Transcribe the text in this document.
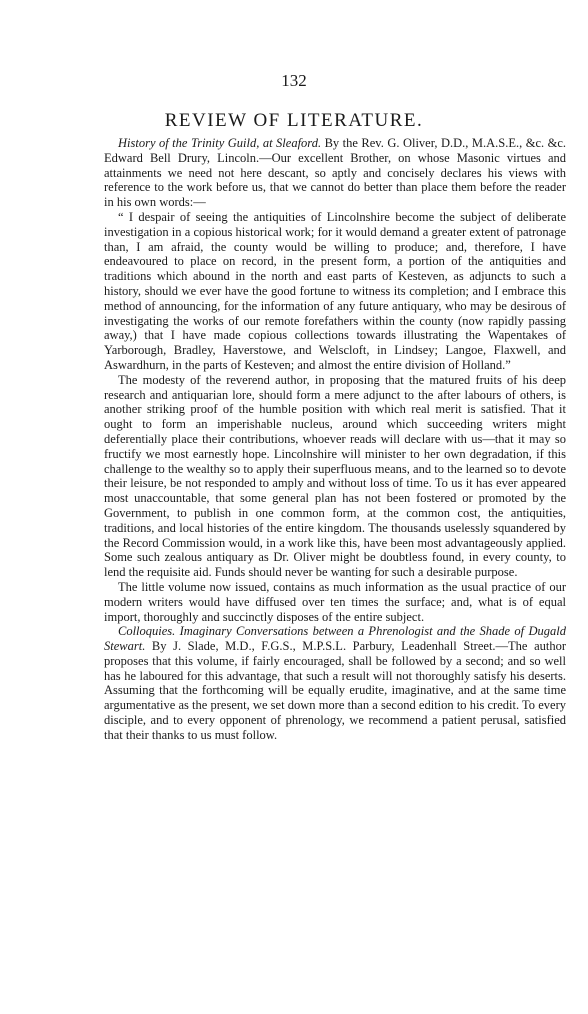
132
REVIEW OF LITERATURE.

History of the Trinity Guild, at Sleaford. By the Rev. G. Oliver, D.D., M.A.S.E., &c. &c. Edward Bell Drury, Lincoln.—Our excellent Brother, on whose Masonic virtues and attainments we need not here descant, so aptly and concisely declares his views with reference to the work before us, that we cannot do better than place them before the reader in his own words:—

“ I despair of seeing the antiquities of Lincolnshire become the subject of deliberate investigation in a copious historical work; for it would demand a greater extent of patronage than, I am afraid, the county would be willing to produce; and, therefore, I have endeavoured to place on record, in the present form, a portion of the antiquities and traditions which abound in the north and east parts of Kesteven, as adjuncts to such a history, should we ever have the good fortune to witness its completion; and I embrace this method of announcing, for the information of any future antiquary, who may be desirous of investigating the works of our remote forefathers within the county (now rapidly passing away,) that I have made copious collections towards illustrating the Wapentakes of Yarborough, Bradley, Haverstowe, and Welscloft, in Lindsey; Langoe, Flaxwell, and Aswardhurn, in the parts of Kesteven; and almost the entire division of Holland.”

The modesty of the reverend author, in proposing that the matured fruits of his deep research and antiquarian lore, should form a mere adjunct to the after labours of others, is another striking proof of the humble position with which real merit is satisfied. That it ought to form an imperishable nucleus, around which succeeding writers might deferentially place their contributions, whoever reads will declare with us—that it may so fructify we most earnestly hope. Lincolnshire will minister to her own degradation, if this challenge to the wealthy so to apply their superfluous means, and to the learned so to devote their leisure, be not responded to amply and without loss of time. To us it has ever appeared most unaccountable, that some general plan has not been fostered or promoted by the Government, to publish in one common form, at the common cost, the antiquities, traditions, and local histories of the entire kingdom. The thousands uselessly squandered by the Record Commission would, in a work like this, have been most advantageously applied. Some such zealous antiquary as Dr. Oliver might be doubtless found, in every county, to lend the requisite aid. Funds should never be wanting for such a desirable purpose.

The little volume now issued, contains as much information as the usual practice of our modern writers would have diffused over ten times the surface; and, what is of equal import, thoroughly and succinctly disposes of the entire subject.

Colloquies. Imaginary Conversations between a Phrenologist and the Shade of Dugald Stewart. By J. Slade, M.D., F.G.S., M.P.S.L. Parbury, Leadenhall Street.—The author proposes that this volume, if fairly encouraged, shall be followed by a second; and so well has he laboured for this advantage, that such a result will not thoroughly satisfy his deserts. Assuming that the forthcoming will be equally erudite, imaginative, and at the same time argumentative as the present, we set down more than a second edition to his credit. To every disciple, and to every opponent of phrenology, we recommend a patient perusal, satisfied that their thanks to us must follow.
